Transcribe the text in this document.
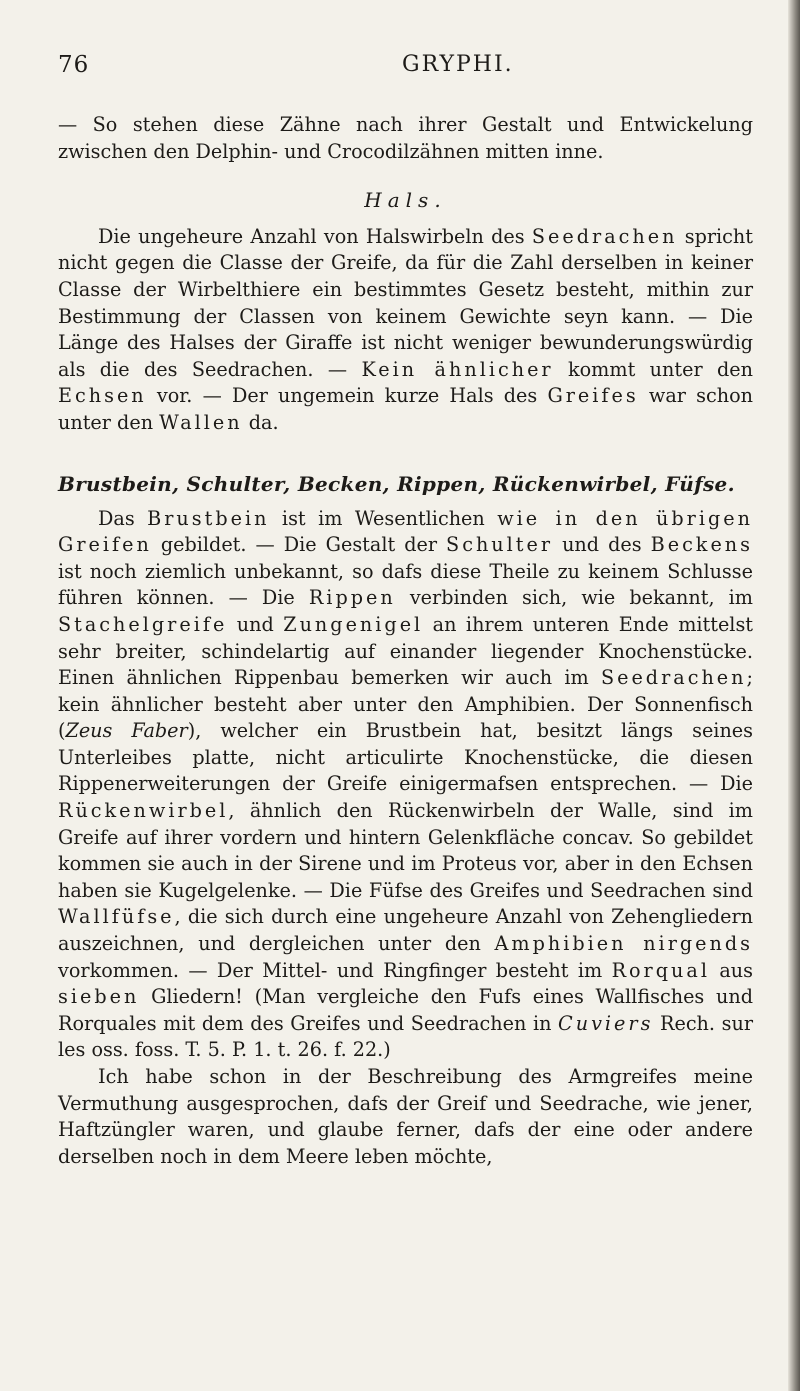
76	GRYPHI.

— So stehen diese Zähne nach ihrer Gestalt und Entwickelung zwischen den Delphin- und Crocodilzähnen mitten inne.

Hals.

Die ungeheure Anzahl von Halswirbeln des Seedrachen spricht nicht gegen die Classe der Greife, da für die Zahl derselben in keiner Classe der Wirbelthiere ein bestimmtes Gesetz besteht, mithin zur Bestimmung der Classen von keinem Gewichte seyn kann. — Die Länge des Halses der Giraffe ist nicht weniger bewunderungswürdig als die des Seedrachen. — Kein ähnlicher kommt unter den Echsen vor. — Der ungemein kurze Hals des Greifes war schon unter den Wallen da.

Brustbein, Schulter, Becken, Rippen, Rückenwirbel, Füfse.

Das Brustbein ist im Wesentlichen wie in den übrigen Greifen gebildet. — Die Gestalt der Schulter und des Beckens ist noch ziemlich unbekannt, so dafs diese Theile zu keinem Schlusse führen können. — Die Rippen verbinden sich, wie bekannt, im Stachelgreife und Zungenigel an ihrem unteren Ende mittelst sehr breiter, schindelartig auf einander liegender Knochenstücke. Einen ähnlichen Rippenbau bemerken wir auch im Seedrachen; kein ähnlicher besteht aber unter den Amphibien. Der Sonnenfisch (Zeus Faber), welcher ein Brustbein hat, besitzt längs seines Unterleibes platte, nicht articulirte Knochenstücke, die diesen Rippenerweiterungen der Greife einigermafsen entsprechen. — Die Rückenwirbel, ähnlich den Rückenwirbeln der Walle, sind im Greife auf ihrer vordern und hintern Gelenkfläche concav. So gebildet kommen sie auch in der Sirene und im Proteus vor, aber in den Echsen haben sie Kugelgelenke. — Die Füfse des Greifes und Seedrachen sind Wallfüfse, die sich durch eine ungeheure Anzahl von Zehengliedern auszeichnen, und dergleichen unter den Amphibien nirgends vorkommen. — Der Mittel- und Ringfinger besteht im Rorqual aus sieben Gliedern! (Man vergleiche den Fufs eines Wallfisches und Rorquales mit dem des Greifes und Seedrachen in Cuviers Rech. sur les oss. foss. T. 5. P. 1. t. 26. f. 22.)

Ich habe schon in der Beschreibung des Armgreifes meine Vermuthung ausgesprochen, dafs der Greif und Seedrache, wie jener, Haftzüngler waren, und glaube ferner, dafs der eine oder andere derselben noch in dem Meere leben möchte,
